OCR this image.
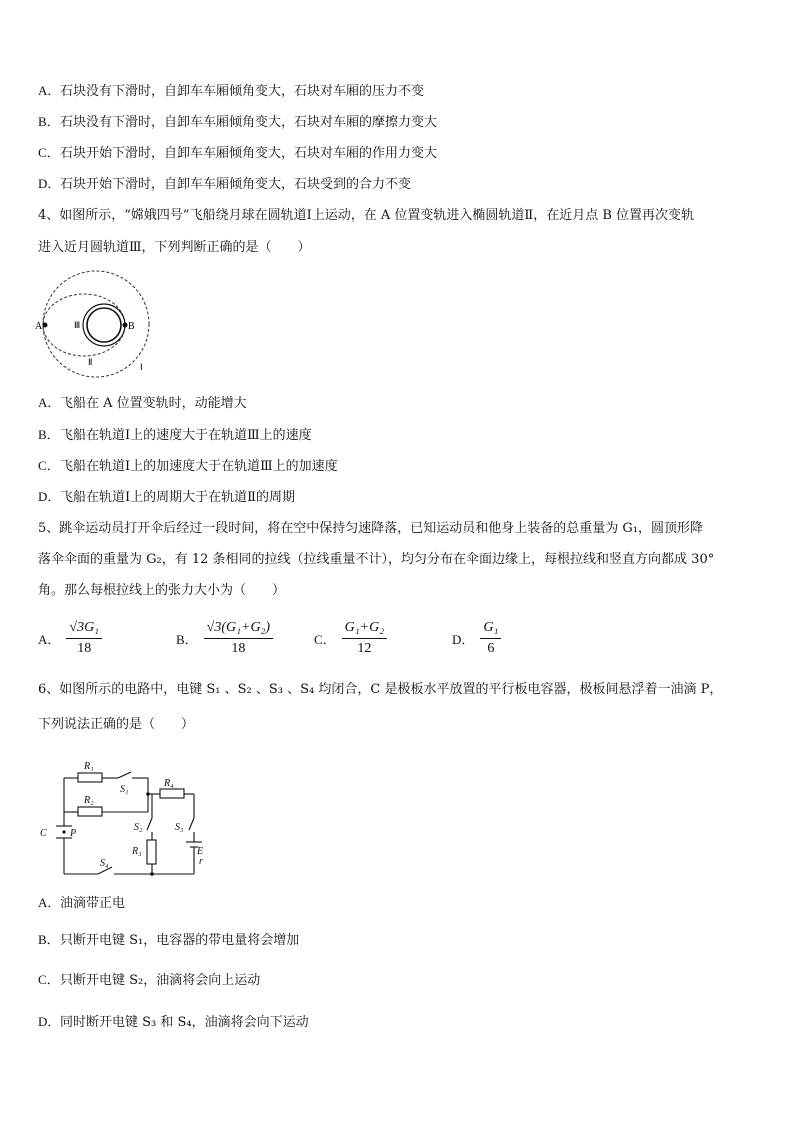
A．石块没有下滑时，自卸车车厢倾角变大，石块对车厢的压力不变
B．石块没有下滑时，自卸车车厢倾角变大，石块对车厢的摩擦力变大
C．石块开始下滑时，自卸车车厢倾角变大，石块对车厢的作用力变大
D．石块开始下滑时，自卸车车厢倾角变大，石块受到的合力不变
4、如图所示，“嫦娥四号”飞船绕月球在圆轨道Ⅰ上运动，在 A 位置变轨进入椭圆轨道Ⅱ，在近月点 B 位置再次变轨
进入近月圆轨道Ⅲ，下列判断正确的是（　　）
A	B
Ⅲ
Ⅱ	Ⅰ
A．飞船在 A 位置变轨时，动能增大
B．飞船在轨道Ⅰ上的速度大于在轨道Ⅲ上的速度
C．飞船在轨道Ⅰ上的加速度大于在轨道Ⅲ上的加速度
D．飞船在轨道Ⅰ上的周期大于在轨道Ⅱ的周期
5、跳伞运动员打开伞后经过一段时间，将在空中保持匀速降落，已知运动员和他身上装备的总重量为 G₁，圆顶形降
落伞伞面的重量为 G₂，有 12 条相同的拉线（拉线重量不计），均匀分布在伞面边缘上，每根拉线和竖直方向都成 30°
角。那么每根拉线上的张力大小为（　　）
A． $\frac{\text{√3G₁}}{18}$	B． $\frac{\text{√3(G₁+G₂)}}{18}$	C． $\frac{\text{G₁+G₂}}{12}$	D． $\frac{\text{G₁}}{6}$
6、如图所示的电路中，电键 S₁ 、S₂ 、S₃ 、S₄ 均闭合，C 是极板水平放置的平行板电容器，极板间悬浮着一油滴 P，
下列说法正确的是（　　）
R₁
S₁
R₂
R₄
S₂	S₃
R₃	E
r
C P
S₄
A．油滴带正电
B．只断开电键 S₁，电容器的带电量将会增加
C．只断开电键 S₂，油滴将会向上运动
D．同时断开电键 S₃ 和 S₄，油滴将会向下运动
